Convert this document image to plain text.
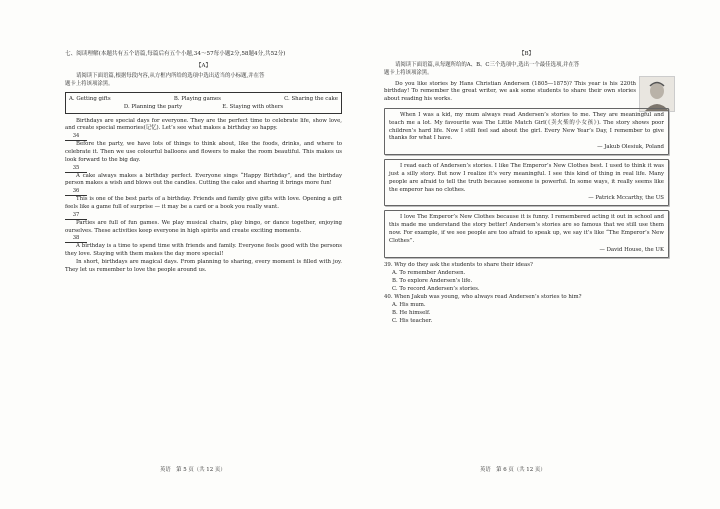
七、阅读理解(本题共有五个语篇,每篇后有五个小题,34～57每小题2分,58题4分,共52分)

【A】

请阅读下面语篇,根据每段内容,从方框内所给的选项中选出适当的小标题,并在答

题卡上将该项涂黑。

A. Getting gifts	B. Playing games	C. Sharing the cake
D. Planning the party	E. Staying with others

Birthdays are special days for everyone. They are the perfect time to celebrate life, show love, and create special memories(记忆). Let’s see what makes a birthday so happy.

34

Before the party, we have lots of things to think about, like the foods, drinks, and where to celebrate it. Then we use colourful balloons and flowers to make the room beautiful. This makes us look forward to the big day.

35

A cake always makes a birthday perfect. Everyone sings “Happy Birthday”, and the birthday person makes a wish and blows out the candles. Cutting the cake and sharing it brings more fun!

36

This is one of the best parts of a birthday. Friends and family give gifts with love. Opening a gift feels like a game full of surprise — it may be a card or a book you really want.

37

Parties are full of fun games. We play musical chairs, play bingo, or dance together, enjoying ourselves. These activities keep everyone in high spirits and create exciting moments.

38

A birthday is a time to spend time with friends and family. Everyone feels good with the persons they love. Staying with them makes the day more special!

In short, birthdays are magical days. From planning to sharing, every moment is filled with joy. They let us remember to love the people around us.

英语　第 5 页（共 12 页）

【B】

请阅读下面语篇,从每题所给的A、B、C三个选项中,选出一个最佳选项,并在答

题卡上将该项涂黑。

Do you like stories by Hans Christian Andersen (1805—1875)? This year is his 220th birthday! To remember the great writer, we ask some students to share their own stories about reading his works.

When I was a kid, my mum always read Andersen’s stories to me. They are meaningful and teach me a lot. My favourite was The Little Match Girl(《卖火柴的小女孩》). The story shows poor children’s hard life. Now I still feel sad about the girl. Every New Year’s Day, I remember to give thanks for what I have.

— Jakub Olesiuk, Poland

I read each of Andersen’s stories. I like The Emperor’s New Clothes best. I used to think it was just a silly story. But now I realize it’s very meaningful. I see this kind of thing in real life. Many people are afraid to tell the truth because someone is powerful. In some ways, it really seems like the emperor has no clothes.

— Patrick Mccarthy, the US

I love The Emperor’s New Clothes because it is funny. I remembered acting it out in school and this made me understand the story better! Andersen’s stories are so famous that we still use them now. For example, if we see people are too afraid to speak up, we say it’s like “The Emperor’s New Clothes”.

— David House, the UK

39. Why do they ask the students to share their ideas?

A. To remember Andersen.

B. To explore Andersen’s life.

C. To record Andersen’s stories.

40. When Jakub was young, who always read Andersen’s stories to him?

A. His mum.

B. He himself.

C. His teacher.

英语　第 6 页（共 12 页）
